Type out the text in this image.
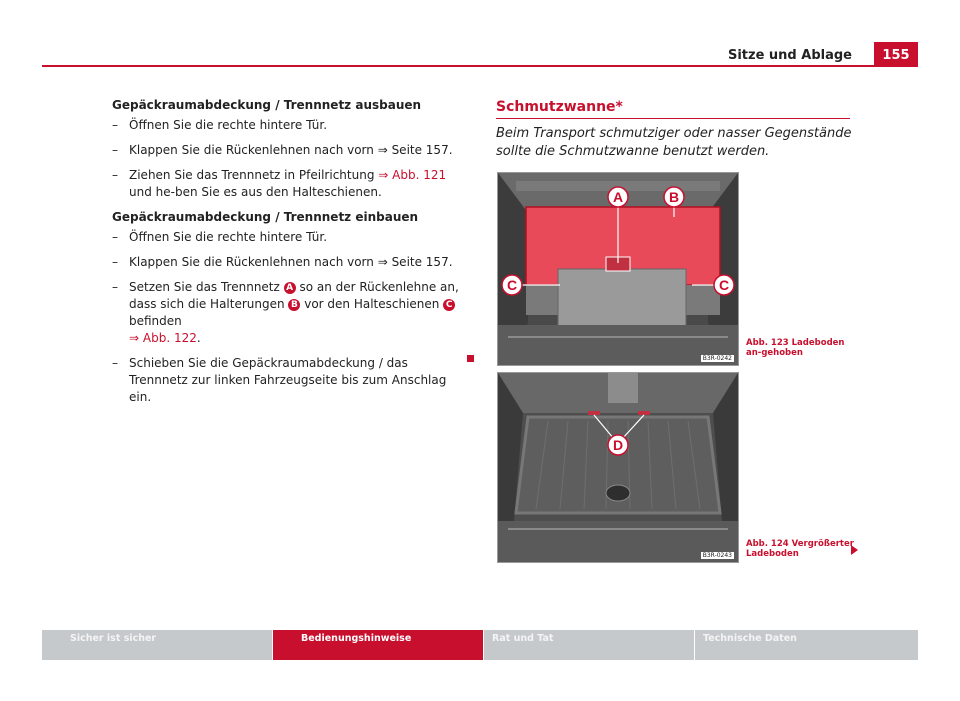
Sitze und Ablage	155

Gepäckraumabdeckung / Trennnetz ausbauen

– Öffnen Sie die rechte hintere Tür.

– Klappen Sie die Rückenlehnen nach vorn ⇒ Seite 157.

– Ziehen Sie das Trennnetz in Pfeilrichtung ⇒ Abb. 121 und he-ben Sie es aus den Halteschienen.

Gepäckraumabdeckung / Trennnetz einbauen

– Öffnen Sie die rechte hintere Tür.

– Klappen Sie die Rückenlehnen nach vorn ⇒ Seite 157.

– Setzen Sie das Trennnetz A so an der Rückenlehne an, dass sich die Halterungen B vor den Halteschienen C befinden
⇒ Abb. 122.

– Schieben Sie die Gepäckraumabdeckung / das Trennnetz zur linken Fahrzeugseite bis zum Anschlag ein.

Schmutzwanne*
Beim Transport schmutziger oder nasser Gegenstände sollte die Schmutzwanne benutzt werden.
A	B
C	C
B3R-0242
Abb. 123 Ladeboden an-gehoben
D
B3R-0243
Abb. 124 Vergrößerter Ladeboden
Sicher ist sicher	Bedienungshinweise	Rat und Tat	Technische Daten
